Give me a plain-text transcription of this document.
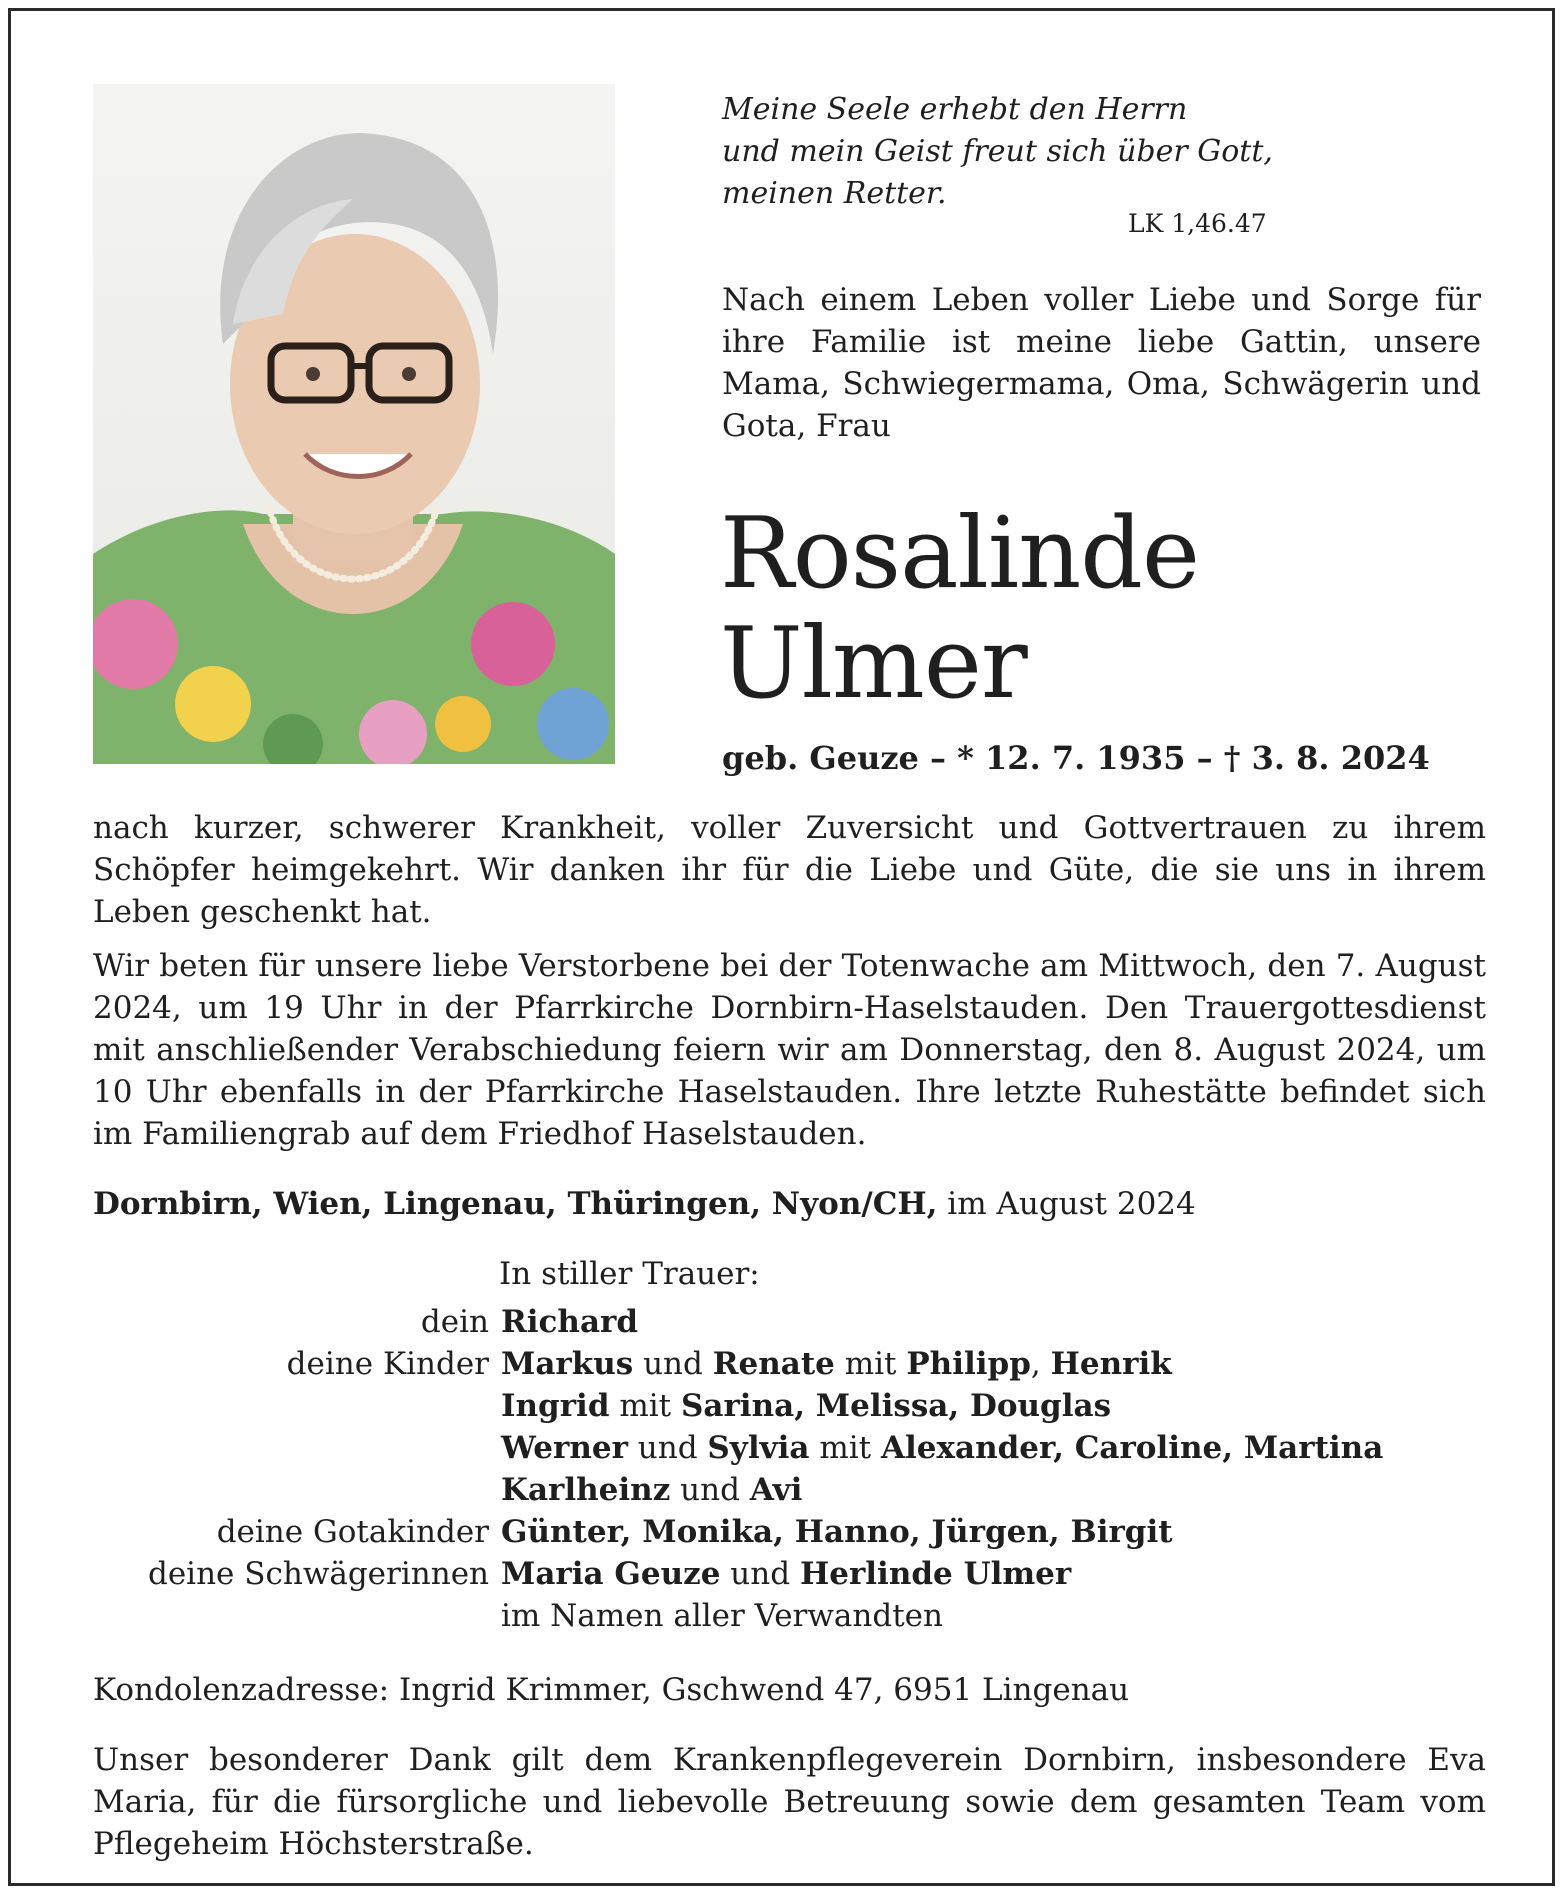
Meine Seele erhebt den Herrn
und mein Geist freut sich über Gott,
meinen Retter.
LK 1,46.47
Nach einem Leben voller Liebe und Sorge für ihre Familie ist meine liebe Gattin, unsere Mama, Schwiegermama, Oma, Schwägerin und Gota, Frau
Rosalinde
Ulmer
geb. Geuze – * 12. 7. 1935 – † 3. 8. 2024
nach kurzer, schwerer Krankheit, voller Zuversicht und Gottvertrauen zu ihrem Schöpfer heimgekehrt. Wir danken ihr für die Liebe und Güte, die sie uns in ihrem Leben geschenkt hat.
Wir beten für unsere liebe Verstorbene bei der Totenwache am Mittwoch, den 7. August 2024, um 19 Uhr in der Pfarrkirche Dornbirn-Haselstauden. Den Trauergottesdienst mit anschließender Verabschiedung feiern wir am Donnerstag, den 8. August 2024, um 10 Uhr ebenfalls in der Pfarrkirche Haselstauden. Ihre letzte Ruhestätte befindet sich im Familiengrab auf dem Friedhof Haselstauden.
Dornbirn, Wien, Lingenau, Thüringen, Nyon/CH, im August 2024
In stiller Trauer:
dein Richard
deine Kinder Markus und Renate mit Philipp, Henrik
Ingrid mit Sarina, Melissa, Douglas
Werner und Sylvia mit Alexander, Caroline, Martina
Karlheinz und Avi
deine Gotakinder Günter, Monika, Hanno, Jürgen, Birgit
deine Schwägerinnen Maria Geuze und Herlinde Ulmer
im Namen aller Verwandten
Kondolenzadresse: Ingrid Krimmer, Gschwend 47, 6951 Lingenau
Unser besonderer Dank gilt dem Krankenpflegeverein Dornbirn, insbesondere Eva Maria, für die fürsorgliche und liebevolle Betreuung sowie dem gesamten Team vom Pflegeheim Höchsterstraße.
